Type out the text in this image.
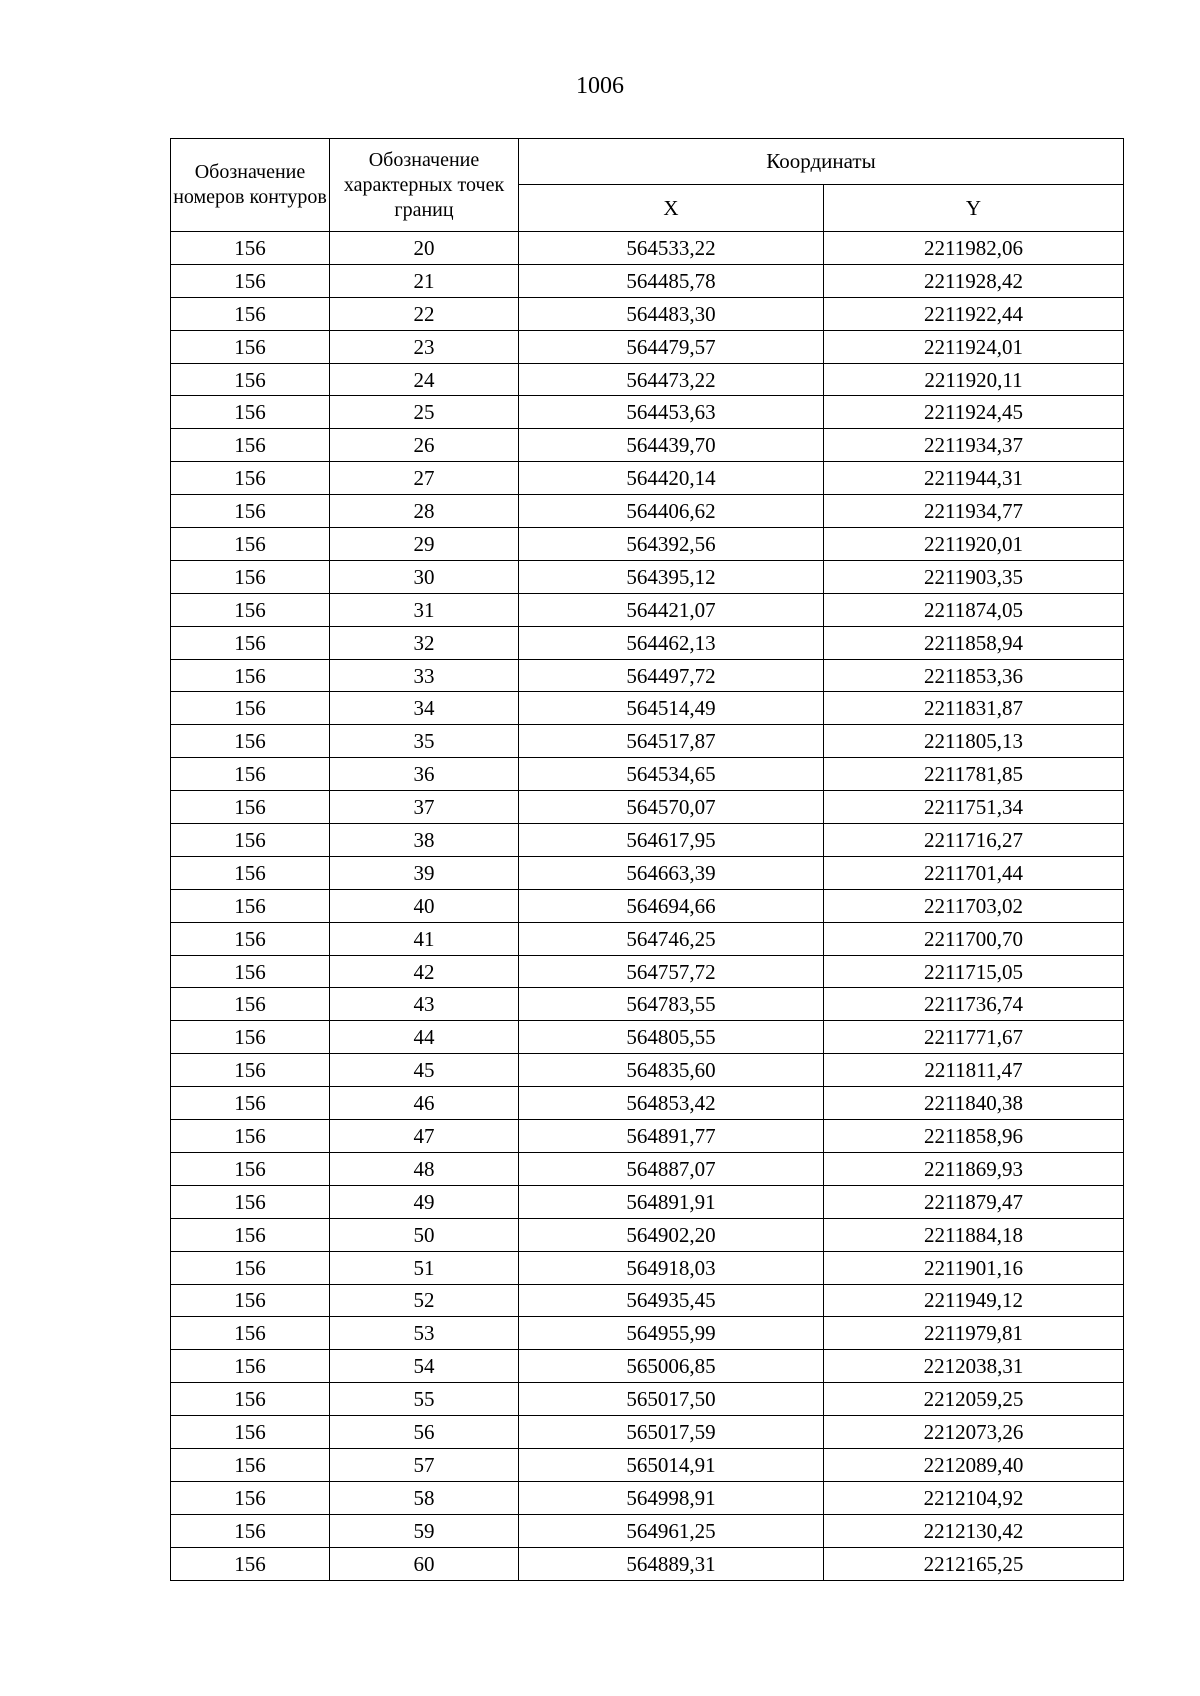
1006
Обозначение номеров контуров	Обозначение характерных точек границ	Координаты	
		X	Y
156	20	564533,22	2211982,06
156	21	564485,78	2211928,42
156	22	564483,30	2211922,44
156	23	564479,57	2211924,01
156	24	564473,22	2211920,11
156	25	564453,63	2211924,45
156	26	564439,70	2211934,37
156	27	564420,14	2211944,31
156	28	564406,62	2211934,77
156	29	564392,56	2211920,01
156	30	564395,12	2211903,35
156	31	564421,07	2211874,05
156	32	564462,13	2211858,94
156	33	564497,72	2211853,36
156	34	564514,49	2211831,87
156	35	564517,87	2211805,13
156	36	564534,65	2211781,85
156	37	564570,07	2211751,34
156	38	564617,95	2211716,27
156	39	564663,39	2211701,44
156	40	564694,66	2211703,02
156	41	564746,25	2211700,70
156	42	564757,72	2211715,05
156	43	564783,55	2211736,74
156	44	564805,55	2211771,67
156	45	564835,60	2211811,47
156	46	564853,42	2211840,38
156	47	564891,77	2211858,96
156	48	564887,07	2211869,93
156	49	564891,91	2211879,47
156	50	564902,20	2211884,18
156	51	564918,03	2211901,16
156	52	564935,45	2211949,12
156	53	564955,99	2211979,81
156	54	565006,85	2212038,31
156	55	565017,50	2212059,25
156	56	565017,59	2212073,26
156	57	565014,91	2212089,40
156	58	564998,91	2212104,92
156	59	564961,25	2212130,42
156	60	564889,31	2212165,25
